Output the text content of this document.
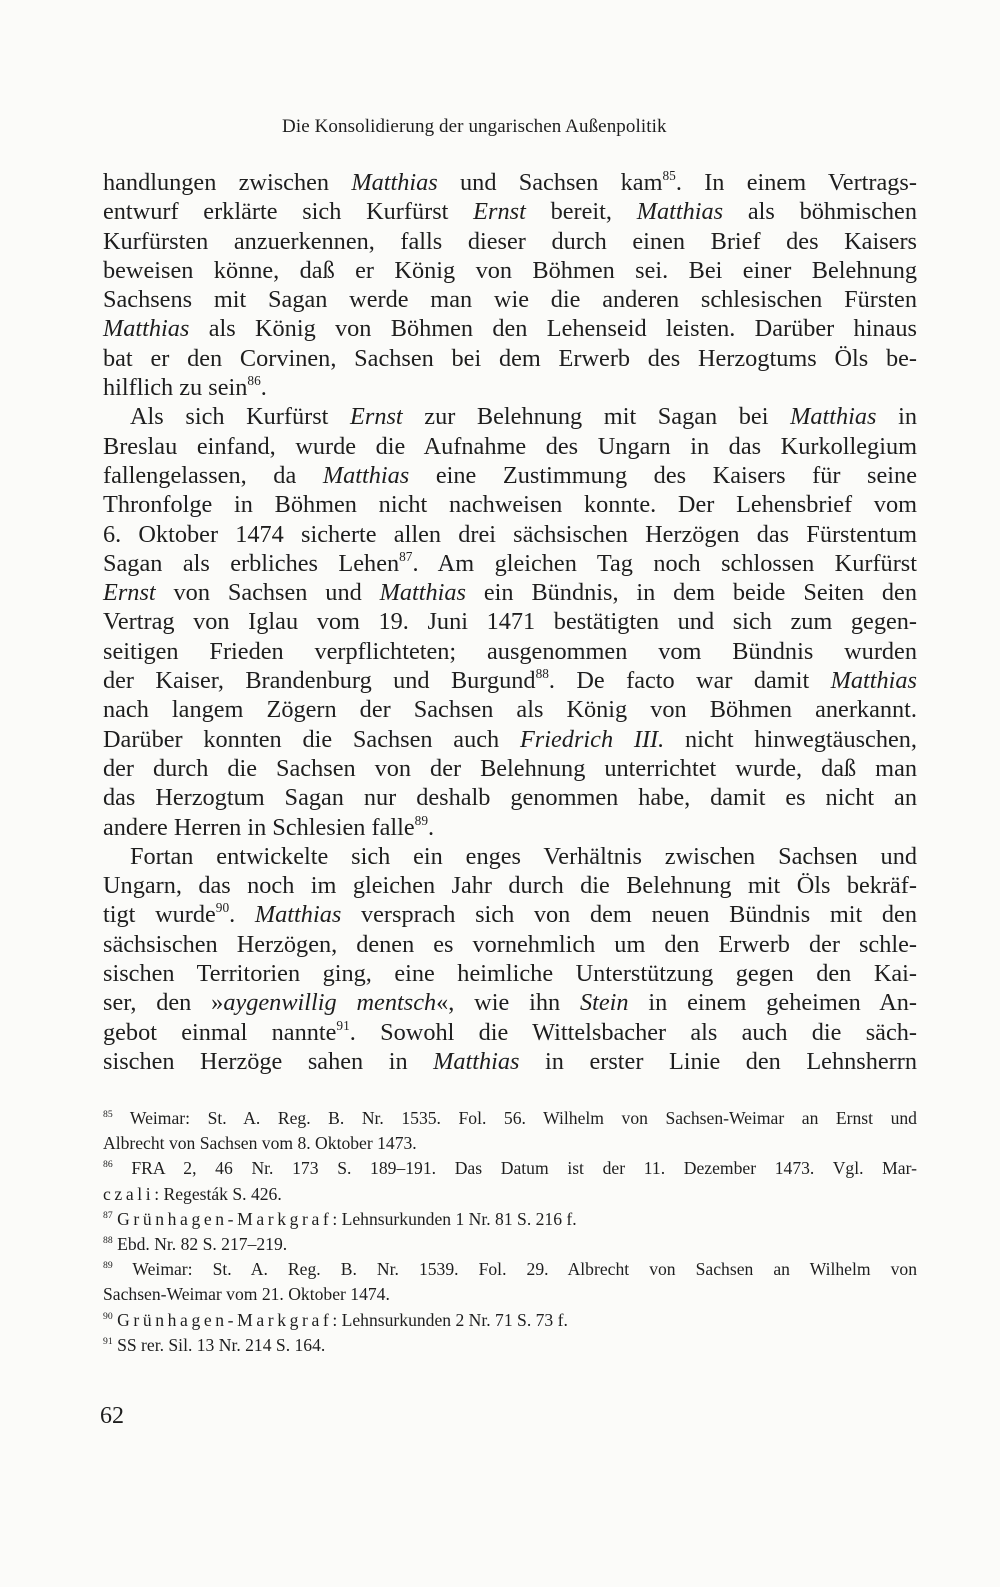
Die Konsolidierung der ungarischen Außenpolitik
handlungen zwischen Matthias und Sachsen kam$^{85}$. In einem Vertrags-
entwurf erklärte sich Kurfürst Ernst bereit, Matthias als böhmischen
Kurfürsten anzuerkennen, falls dieser durch einen Brief des Kaisers
beweisen könne, daß er König von Böhmen sei. Bei einer Belehnung
Sachsens mit Sagan werde man wie die anderen schlesischen Fürsten
Matthias als König von Böhmen den Lehenseid leisten. Darüber hinaus
bat er den Corvinen, Sachsen bei dem Erwerb des Herzogtums Öls be-
hilflich zu sein$^{86}$.
Als sich Kurfürst Ernst zur Belehnung mit Sagan bei Matthias in
Breslau einfand, wurde die Aufnahme des Ungarn in das Kurkollegium
fallengelassen, da Matthias eine Zustimmung des Kaisers für seine
Thronfolge in Böhmen nicht nachweisen konnte. Der Lehensbrief vom
6. Oktober 1474 sicherte allen drei sächsischen Herzögen das Fürstentum
Sagan als erbliches Lehen$^{87}$. Am gleichen Tag noch schlossen Kurfürst
Ernst von Sachsen und Matthias ein Bündnis, in dem beide Seiten den
Vertrag von Iglau vom 19. Juni 1471 bestätigten und sich zum gegen-
seitigen Frieden verpflichteten; ausgenommen vom Bündnis wurden
der Kaiser, Brandenburg und Burgund$^{88}$. De facto war damit Matthias
nach langem Zögern der Sachsen als König von Böhmen anerkannt.
Darüber konnten die Sachsen auch Friedrich III. nicht hinwegtäuschen,
der durch die Sachsen von der Belehnung unterrichtet wurde, daß man
das Herzogtum Sagan nur deshalb genommen habe, damit es nicht an
andere Herren in Schlesien falle$^{89}$.
Fortan entwickelte sich ein enges Verhältnis zwischen Sachsen und
Ungarn, das noch im gleichen Jahr durch die Belehnung mit Öls bekräf-
tigt wurde$^{90}$. Matthias versprach sich von dem neuen Bündnis mit den
sächsischen Herzögen, denen es vornehmlich um den Erwerb der schle-
sischen Territorien ging, eine heimliche Unterstützung gegen den Kai-
ser, den »aygenwillig mentsch«, wie ihn Stein in einem geheimen An-
gebot einmal nannte$^{91}$. Sowohl die Wittelsbacher als auch die säch-
sischen Herzöge sahen in Matthias in erster Linie den Lehnsherrn
$^{85}$ Weimar: St. A. Reg. B. Nr. 1535. Fol. 56. Wilhelm von Sachsen-Weimar an Ernst und
Albrecht von Sachsen vom 8. Oktober 1473.
$^{86}$ FRA 2, 46 Nr. 173 S. 189–191. Das Datum ist der 11. Dezember 1473. Vgl. Mar-
czali: Regesták S. 426.
$^{87}$ Grünhagen-Markgraf: Lehnsurkunden 1 Nr. 81 S. 216 f.
$^{88}$ Ebd. Nr. 82 S. 217–219.
$^{89}$ Weimar: St. A. Reg. B. Nr. 1539. Fol. 29. Albrecht von Sachsen an Wilhelm von
Sachsen-Weimar vom 21. Oktober 1474.
$^{90}$ Grünhagen-Markgraf: Lehnsurkunden 2 Nr. 71 S. 73 f.
$^{91}$ SS rer. Sil. 13 Nr. 214 S. 164.
62
